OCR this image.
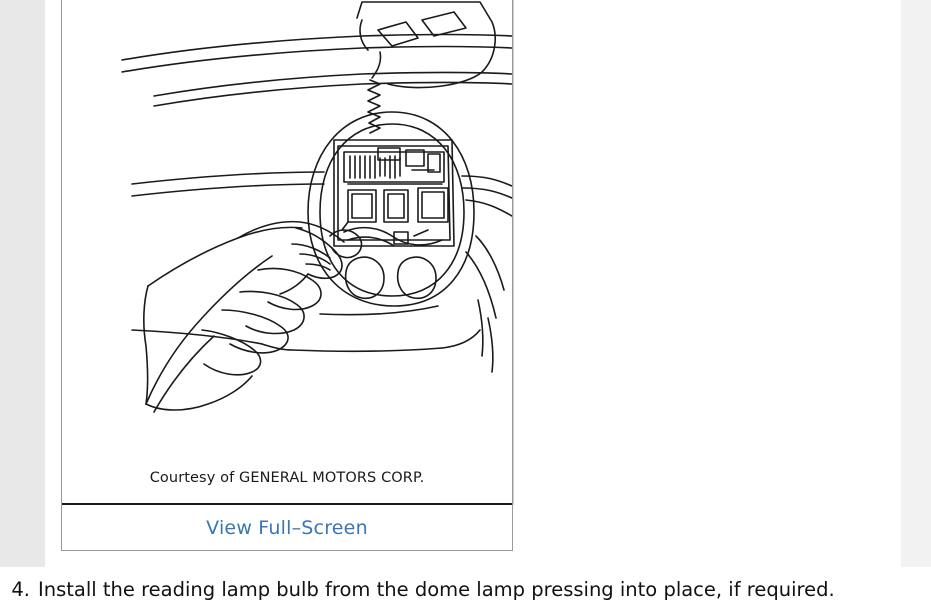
Courtesy of GENERAL MOTORS CORP.
View Full–Screen
4. Install the reading lamp bulb from the dome lamp pressing into place, if required.
